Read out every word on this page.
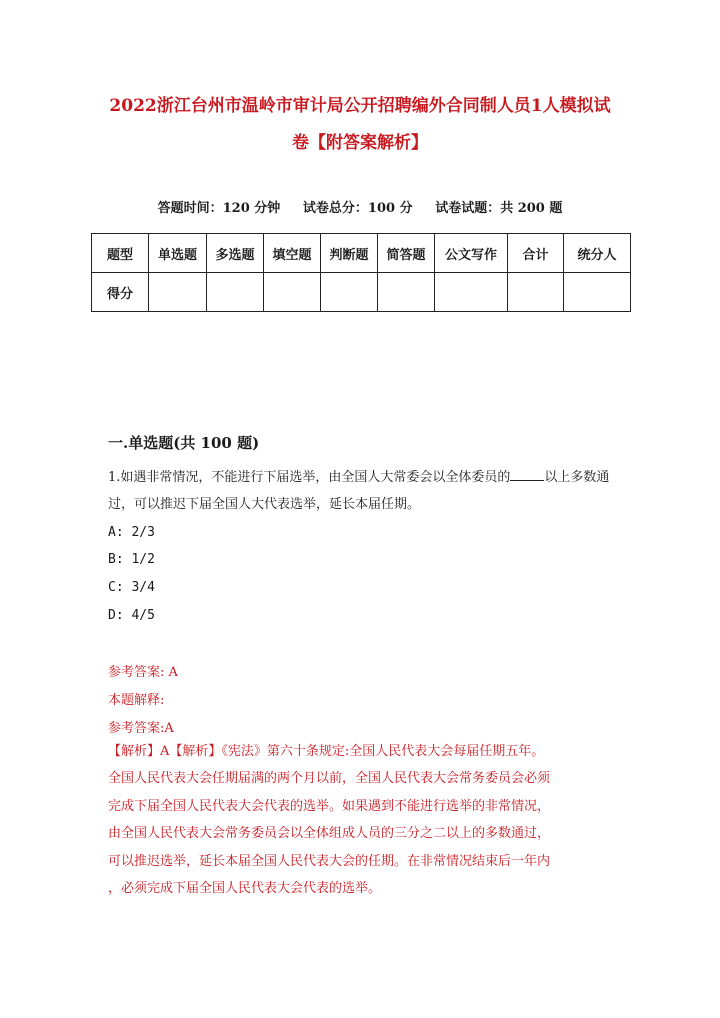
2022浙江台州市温岭市审计局公开招聘编外合同制人员1人模拟试
卷【附答案解析】
答题时间：120 分钟     试卷总分：100 分     试卷试题：共 200 题
题型	单选题	多选题	填空题	判断题	简答题	公文写作	合计	统分人
得分								
一.单选题(共 100 题)
1.如遇非常情况，不能进行下届选举，由全国人大常委会以全体委员的	以上多数通过，可以推迟下届全国人大代表选举，延长本届任期。
A: 2/3
B: 1/2
C: 3/4
D: 4/5
参考答案: A
本题解释:
参考答案:A
【解析】A【解析】《宪法》第六十条规定:全国人民代表大会每届任期五年。
全国人民代表大会任期届满的两个月以前，全国人民代表大会常务委员会必须
完成下届全国人民代表大会代表的选举。如果遇到不能进行选举的非常情况，
由全国人民代表大会常务委员会以全体组成人员的三分之二以上的多数通过，
可以推迟选举，延长本届全国人民代表大会的任期。在非常情况结束后一年内
，必须完成下届全国人民代表大会代表的选举。
